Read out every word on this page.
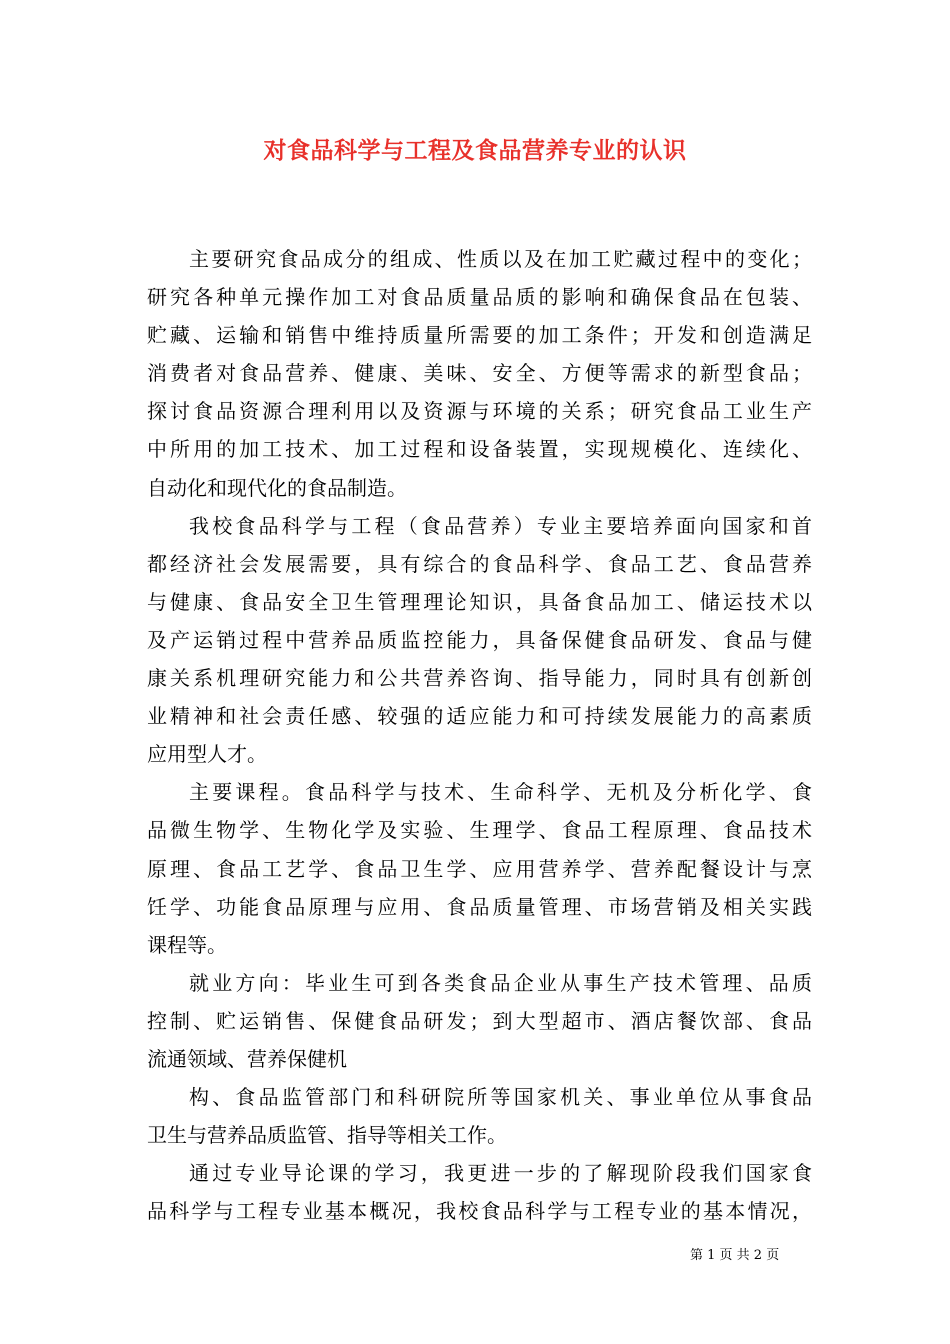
对食品科学与工程及食品营养专业的认识
主要研究食品成分的组成、性质以及在加工贮藏过程中的变化；
研究各种单元操作加工对食品质量品质的影响和确保食品在包装、
贮藏、运输和销售中维持质量所需要的加工条件；开发和创造满足
消费者对食品营养、健康、美味、安全、方便等需求的新型食品；
探讨食品资源合理利用以及资源与环境的关系；研究食品工业生产
中所用的加工技术、加工过程和设备装置，实现规模化、连续化、
自动化和现代化的食品制造。
我校食品科学与工程（食品营养）专业主要培养面向国家和首
都经济社会发展需要，具有综合的食品科学、食品工艺、食品营养
与健康、食品安全卫生管理理论知识，具备食品加工、储运技术以
及产运销过程中营养品质监控能力，具备保健食品研发、食品与健
康关系机理研究能力和公共营养咨询、指导能力，同时具有创新创
业精神和社会责任感、较强的适应能力和可持续发展能力的高素质
应用型人才。
主要课程。食品科学与技术、生命科学、无机及分析化学、食
品微生物学、生物化学及实验、生理学、食品工程原理、食品技术
原理、食品工艺学、食品卫生学、应用营养学、营养配餐设计与烹
饪学、功能食品原理与应用、食品质量管理、市场营销及相关实践
课程等。
就业方向：毕业生可到各类食品企业从事生产技术管理、品质
控制、贮运销售、保健食品研发；到大型超市、酒店餐饮部、食品
流通领域、营养保健机
构、食品监管部门和科研院所等国家机关、事业单位从事食品
卫生与营养品质监管、指导等相关工作。
通过专业导论课的学习，我更进一步的了解现阶段我们国家食
品科学与工程专业基本概况，我校食品科学与工程专业的基本情况，
第 1 页 共 2 页
